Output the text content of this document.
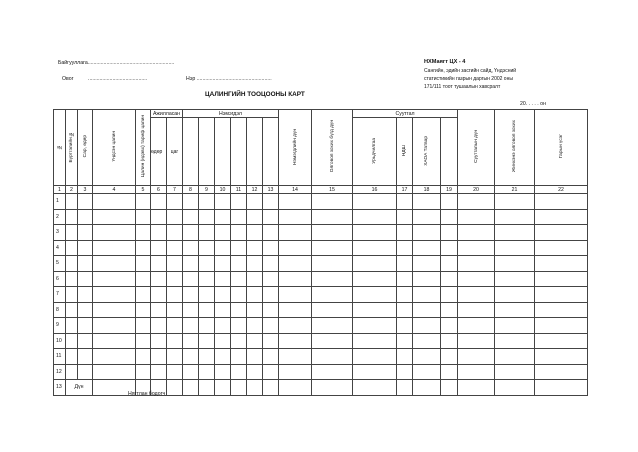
Байгууллага............................................................
Овог	.........................................	Нэр ....................................................
НХМаягт ЦХ - 4
Сангийн, эдийн засгийн сайд, Үндэсний
статистикийн газрын даргын 2002 оны
171/111 тоот тушаалын хавсралт
ЦАЛИНГИЙН ТООЦООНЫ КАРТ
20. . . . . он
№	Бүртгэлийн №	Сар, өдөр	Үндсэн цалин	Цалин (идэвх) тариф цалин	Ажилласан		Нэмэгдэл						Нэмэгдлийн дүн	Олговол зохих бүгд дүн	Суутгал				Суутгалын дүн	Жинхэнэ олговол зохих	Гарын үсэг
					өдөр	цаг									Урьдчилгаа	НДШ	ХАОА Татвар				
1	2	3	4	5	6	7	8	9	10	11	12	13	14	15	16	17	18	19	20	21	22
1																					
2																					
3																					
4																					
5																					
6																					
7																					
8																					
9																					
10																					
11																					
12																					
13	Дүн																				
Нягтлан бодогч
